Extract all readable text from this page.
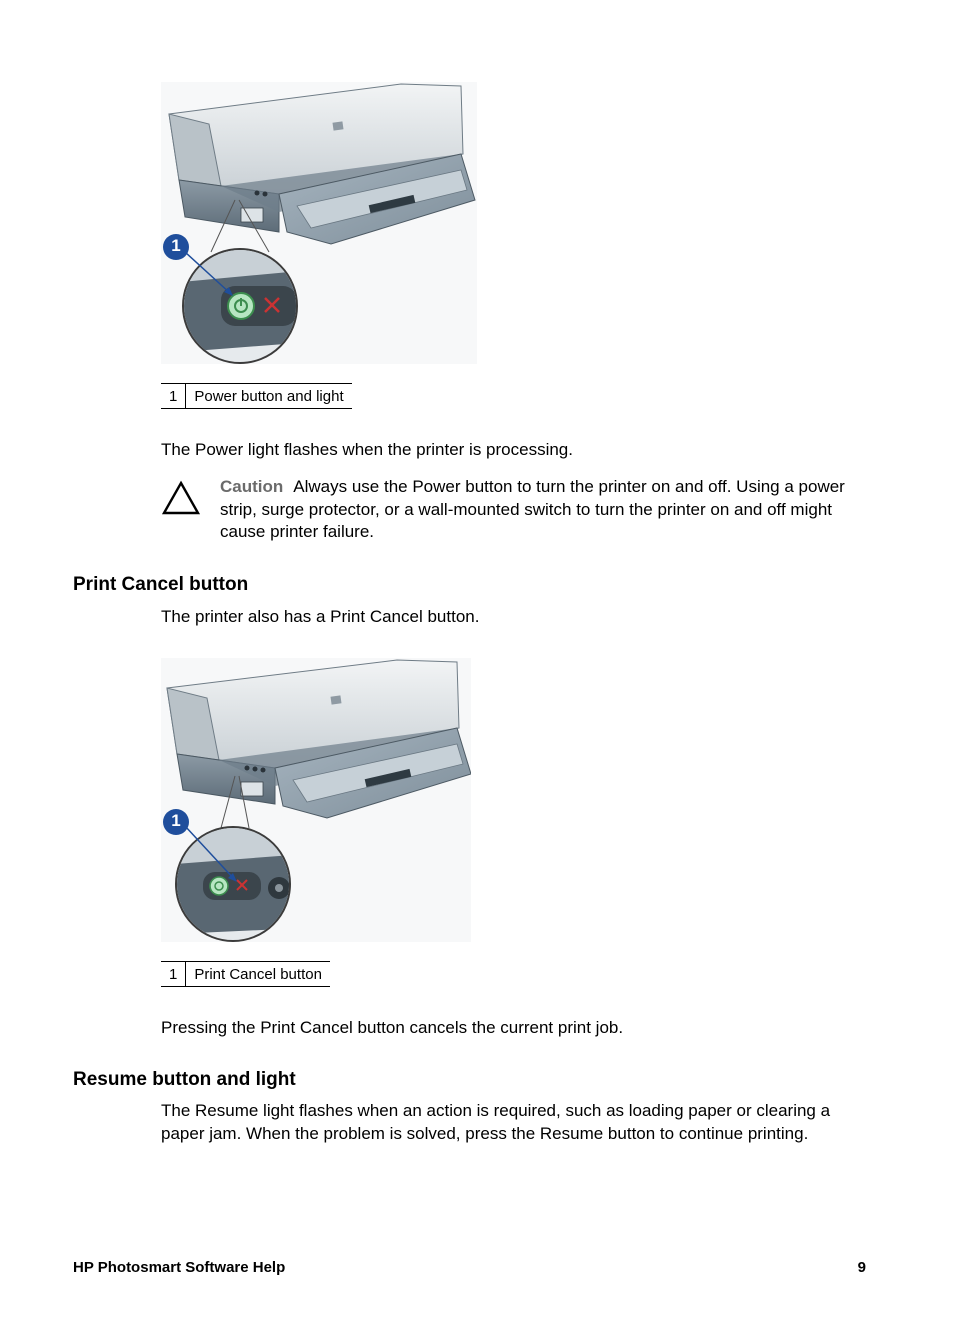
1
1	Power button and light
The Power light flashes when the printer is processing.
Caution Always use the Power button to turn the printer on and off. Using a power strip, surge protector, or a wall-mounted switch to turn the printer on and off might cause printer failure.
Print Cancel button
The printer also has a Print Cancel button.
1
1	Print Cancel button
Pressing the Print Cancel button cancels the current print job.
Resume button and light
The Resume light flashes when an action is required, such as loading paper or clearing a paper jam. When the problem is solved, press the Resume button to continue printing.
HP Photosmart Software Help	9
